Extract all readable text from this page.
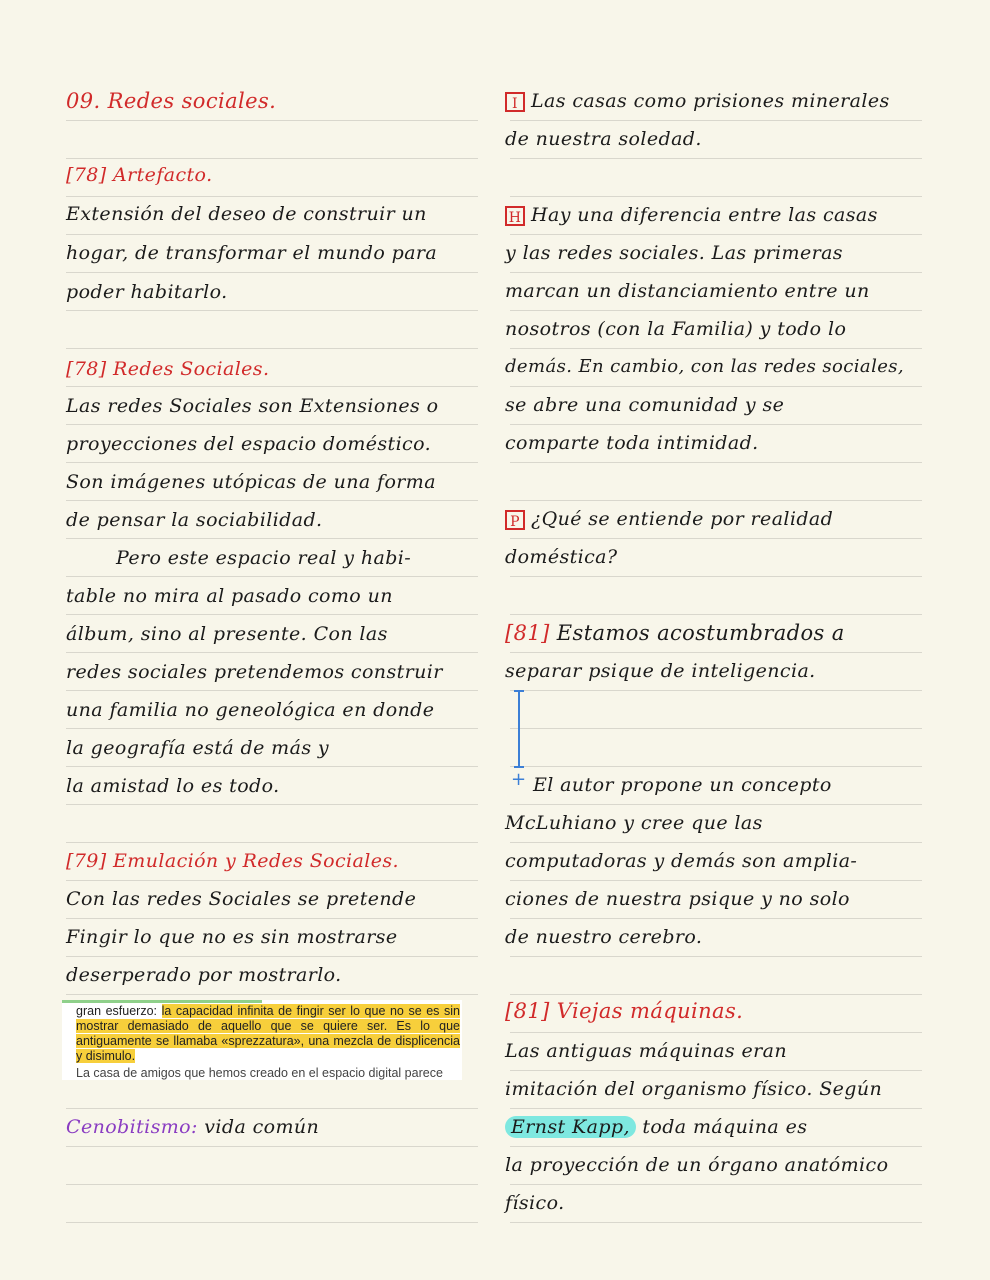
09. Redes sociales.
[78] Artefacto.
Extensión del deseo de construir un
hogar, de transformar el mundo para
poder habitarlo.
[78] Redes Sociales.
Las redes Sociales son Extensiones o
proyecciones del espacio doméstico.
Son imágenes utópicas de una forma
de pensar la sociabilidad.
Pero este espacio real y habi-
table no mira al pasado como un
álbum, sino al presente. Con las
redes sociales pretendemos construir
una familia no geneológica en donde
la geografía está de más y
la amistad lo es todo.
[79] Emulación y Redes Sociales.
Con las redes Sociales se pretende
Fingir lo que no es sin mostrarse
deserperado por mostrarlo.

gran esfuerzo: la capacidad infinita de fingir ser lo que no se es sin mostrar demasiado de aquello que se quiere ser. Es lo que antiguamente se llamaba «sprezzatura», una mezcla de displicencia y disimulo.

La casa de amigos que hemos creado en el espacio digital parece

Cenobitismo: vida común
I Las casas como prisiones minerales
de nuestra soledad.
H Hay una diferencia entre las casas
y las redes sociales. Las primeras
marcan un distanciamiento entre un
nosotros (con la Familia) y todo lo
demás. En cambio, con las redes sociales,
se abre una comunidad y se
comparte toda intimidad.
P ¿Qué se entiende por realidad
doméstica?
[81] Estamos acostumbrados a
separar psique de inteligencia.
+ El autor propone un concepto
McLuhiano y cree que las
computadoras y demás son amplia-
ciones de nuestra psique y no solo
de nuestro cerebro.
[81] Viejas máquinas.
Las antiguas máquinas eran
imitación del organismo físico. Según
Ernst Kapp, toda máquina es
la proyección de un órgano anatómico
físico.
